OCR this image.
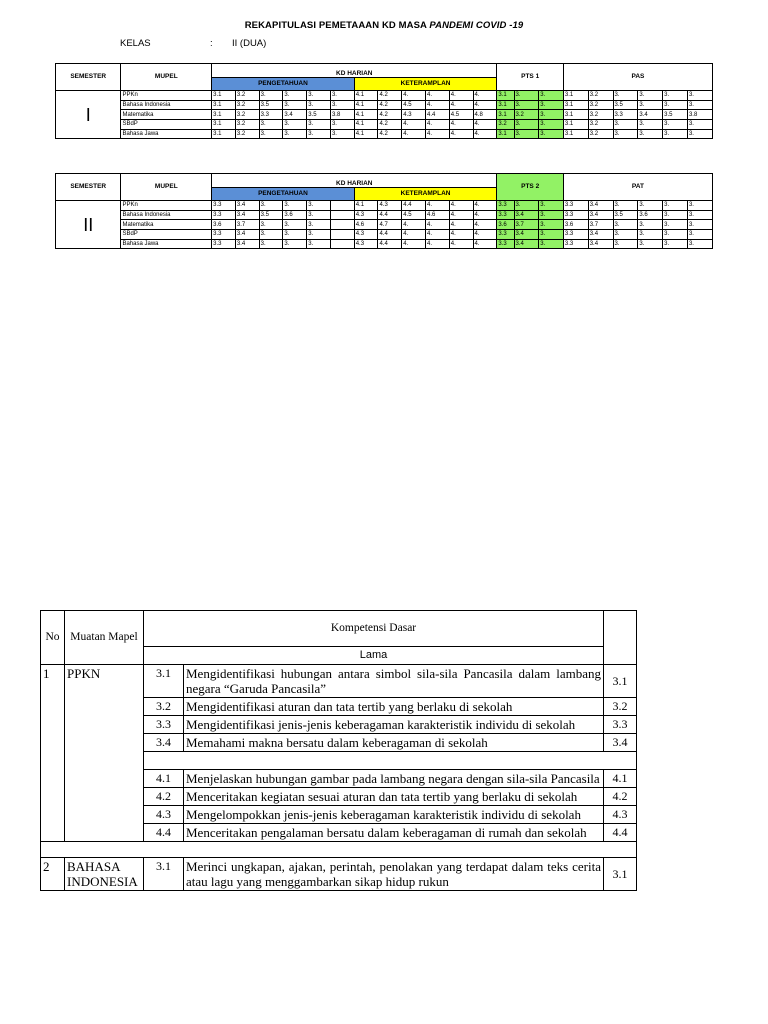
REKAPITULASI PEMETAAAN KD MASA PANDEMI COVID -19
KELAS	: II (DUA)
SEMESTER	MUPEL	KD HARIAN												PTS 1			PAS					
		PENGETAHUAN						KETERAMPLAN														
I	PPKn	3.1	3.2	3.	3.	3.	3.	4.1	4.2	4.	4.	4.	4.	3.1	3.	3.	3.1	3.2	3.	3.	3.	3.
	Bahasa Indonesia	3.1	3.2	3.5	3.	3.	3.	4.1	4.2	4.5	4.	4.	4.	3.1	3.	3.	3.1	3.2	3.5	3.	3.	3.
	Matematika	3.1	3.2	3.3	3.4	3.5	3.8	4.1	4.2	4.3	4.4	4.5	4.8	3.1	3.2	3.	3.1	3.2	3.3	3.4	3.5	3.8
	SBdP	3.1	3.2	3.	3.	3.	3.	4.1	4.2	4.	4.	4.	4.	3.2	3.	3.	3.1	3.2	3.	3.	3.	3.
	Bahasa Jawa	3.1	3.2	3.	3.	3.	3.	4.1	4.2	4.	4.	4.	4.	3.1	3.	3.	3.1	3.2	3.	3.	3.	3.
SEMESTER	MUPEL	KD HARIAN												PTS 2			PAT					
		PENGETAHUAN						KETERAMPLAN														
II	PPKn	3.3	3.4	3.	3.	3.		4.1	4.3	4.4	4.	4.	4.	3.3	3.	3.	3.3	3.4	3.	3.	3.	3.
	Bahasa Indonesia	3.3	3.4	3.5	3.6	3.		4.3	4.4	4.5	4.6	4.	4.	3.3	3.4	3.	3.3	3.4	3.5	3.6	3.	3.
	Matematika	3.6	3.7	3.	3.	3.		4.6	4.7	4.	4.	4.	4.	3.6	3.7	3.	3.6	3.7	3.	3.	3.	3.
	SBdP	3.3	3.4	3.	3.	3.		4.3	4.4	4.	4.	4.	4.	3.3	3.4	3.	3.3	3.4	3.	3.	3.	3.
	Bahasa Jawa	3.3	3.4	3.	3.	3.		4.3	4.4	4.	4.	4.	4.	3.3	3.4	3.	3.3	3.4	3.	3.	3.	3.
No	Muatan Mapel	Kompetensi Dasar		
		Lama		
1	PPKN	3.1	Mengidentifikasi hubungan antara simbol sila-sila Pancasila dalam lambang negara “Garuda Pancasila”	3.1
		3.2	Mengidentifikasi aturan dan tata tertib yang berlaku di sekolah	3.2
		3.3	Mengidentifikasi jenis-jenis keberagaman karakteristik individu di sekolah	3.3
		3.4	Memahami makna bersatu dalam keberagaman di sekolah	3.4

		4.1	Menjelaskan hubungan gambar pada lambang negara dengan sila-sila Pancasila	4.1
		4.2	Menceritakan kegiatan sesuai aturan dan tata tertib yang berlaku di sekolah	4.2
		4.3	Mengelompokkan jenis-jenis keberagaman karakteristik individu di sekolah	4.3
		4.4	Menceritakan pengalaman bersatu dalam keberagaman di rumah dan sekolah	4.4

2	BAHASA INDONESIA	3.1	Merinci ungkapan, ajakan, perintah, penolakan yang terdapat dalam teks cerita atau lagu yang menggambarkan sikap hidup rukun	3.1
